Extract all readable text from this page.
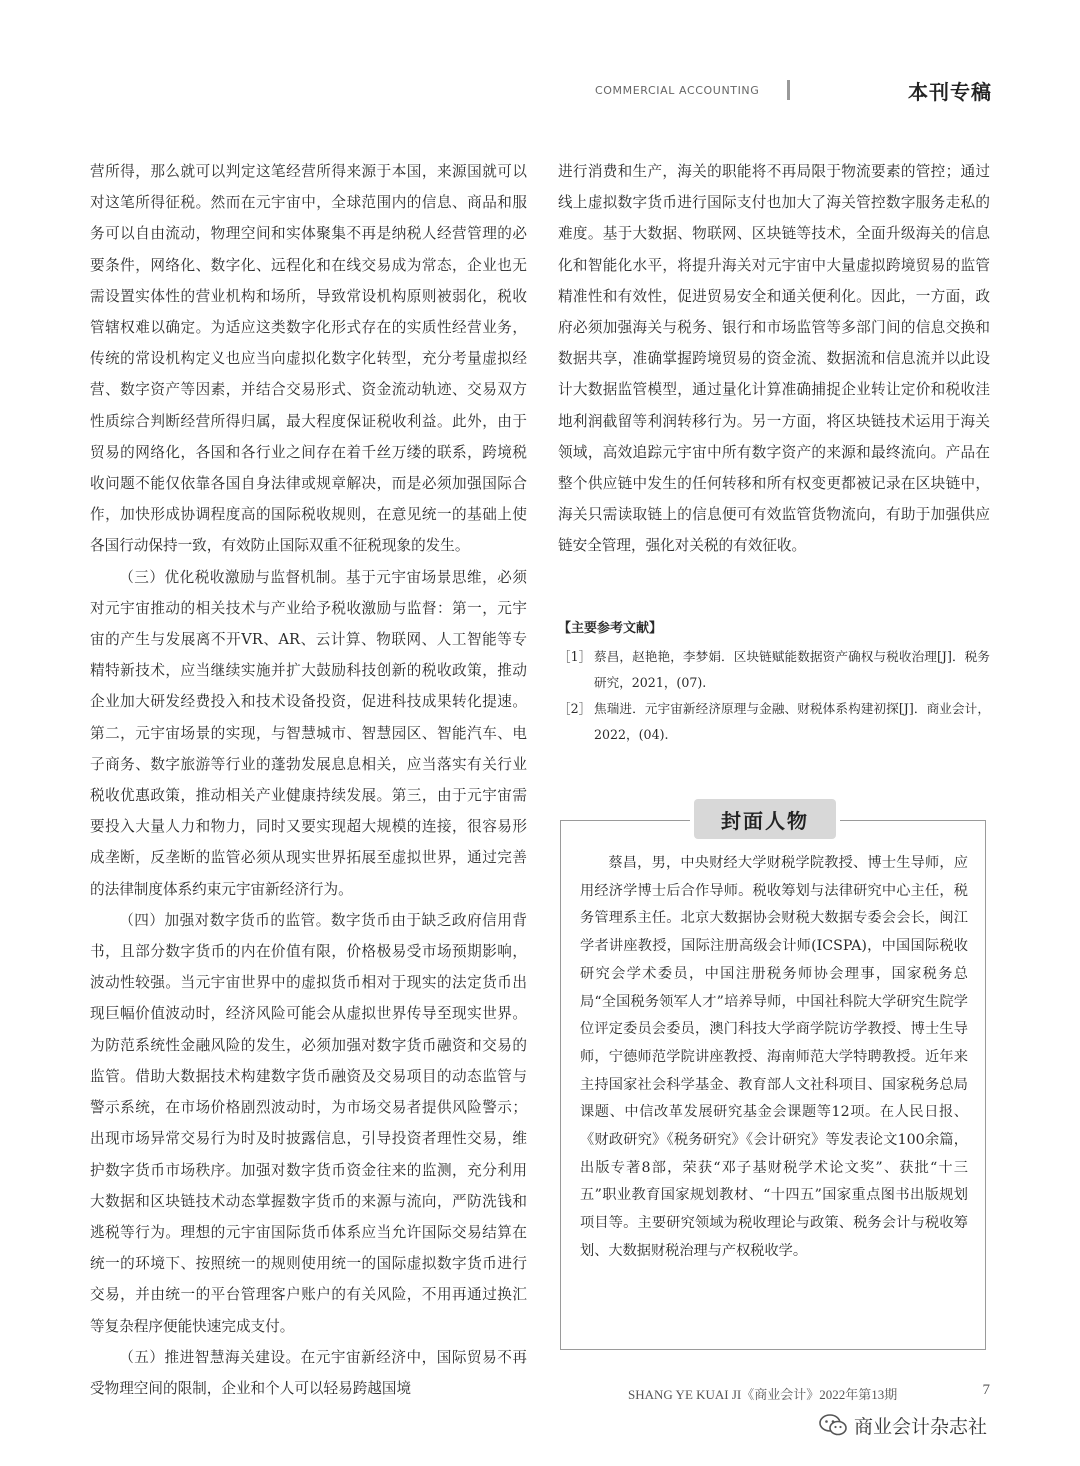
COMMERCIAL ACCOUNTING	本刊专稿

营所得，那么就可以判定这笔经营所得来源于本国，来源国就可以对这笔所得征税。然而在元宇宙中，全球范围内的信息、商品和服务可以自由流动，物理空间和实体聚集不再是纳税人经营管理的必要条件，网络化、数字化、远程化和在线交易成为常态，企业也无需设置实体性的营业机构和场所，导致常设机构原则被弱化，税收管辖权难以确定。为适应这类数字化形式存在的实质性经营业务，传统的常设机构定义也应当向虚拟化数字化转型，充分考量虚拟经营、数字资产等因素，并结合交易形式、资金流动轨迹、交易双方性质综合判断经营所得归属，最大程度保证税收利益。此外，由于贸易的网络化，各国和各行业之间存在着千丝万缕的联系，跨境税收问题不能仅依靠各国自身法律或规章解决，而是必须加强国际合作，加快形成协调程度高的国际税收规则，在意见统一的基础上使各国行动保持一致，有效防止国际双重不征税现象的发生。

（三）优化税收激励与监督机制。基于元宇宙场景思维，必须对元宇宙推动的相关技术与产业给予税收激励与监督：第一，元宇宙的产生与发展离不开VR、AR、云计算、物联网、人工智能等专精特新技术，应当继续实施并扩大鼓励科技创新的税收政策，推动企业加大研发经费投入和技术设备投资，促进科技成果转化提速。第二，元宇宙场景的实现，与智慧城市、智慧园区、智能汽车、电子商务、数字旅游等行业的蓬勃发展息息相关，应当落实有关行业税收优惠政策，推动相关产业健康持续发展。第三，由于元宇宙需要投入大量人力和物力，同时又要实现超大规模的连接，很容易形成垄断，反垄断的监管必须从现实世界拓展至虚拟世界，通过完善的法律制度体系约束元宇宙新经济行为。

（四）加强对数字货币的监管。数字货币由于缺乏政府信用背书，且部分数字货币的内在价值有限，价格极易受市场预期影响，波动性较强。当元宇宙世界中的虚拟货币相对于现实的法定货币出现巨幅价值波动时，经济风险可能会从虚拟世界传导至现实世界。为防范系统性金融风险的发生，必须加强对数字货币融资和交易的监管。借助大数据技术构建数字货币融资及交易项目的动态监管与警示系统，在市场价格剧烈波动时，为市场交易者提供风险警示；出现市场异常交易行为时及时披露信息，引导投资者理性交易，维护数字货币市场秩序。加强对数字货币资金往来的监测，充分利用大数据和区块链技术动态掌握数字货币的来源与流向，严防洗钱和逃税等行为。理想的元宇宙国际货币体系应当允许国际交易结算在统一的环境下、按照统一的规则使用统一的国际虚拟数字货币进行交易，并由统一的平台管理客户账户的有关风险，不用再通过换汇等复杂程序便能快速完成支付。

（五）推进智慧海关建设。在元宇宙新经济中，国际贸易不再受物理空间的限制，企业和个人可以轻易跨越国境

进行消费和生产，海关的职能将不再局限于物流要素的管控；通过线上虚拟数字货币进行国际支付也加大了海关管控数字服务走私的难度。基于大数据、物联网、区块链等技术，全面升级海关的信息化和智能化水平，将提升海关对元宇宙中大量虚拟跨境贸易的监管精准性和有效性，促进贸易安全和通关便利化。因此，一方面，政府必须加强海关与税务、银行和市场监管等多部门间的信息交换和数据共享，准确掌握跨境贸易的资金流、数据流和信息流并以此设计大数据监管模型，通过量化计算准确捕捉企业转让定价和税收洼地利润截留等利润转移行为。另一方面，将区块链技术运用于海关领域，高效追踪元宇宙中所有数字资产的来源和最终流向。产品在整个供应链中发生的任何转移和所有权变更都被记录在区块链中，海关只需读取链上的信息便可有效监管货物流向，有助于加强供应链安全管理，强化对关税的有效征收。

【主要参考文献】
［1］ 蔡昌，赵艳艳，李梦娟．区块链赋能数据资产确权与税收治理[J]．税务研究，2021，(07).
［2］ 焦瑞进．元宇宙新经济原理与金融、财税体系构建初探[J]．商业会计，2022，(04).
封面人物
蔡昌，男，中央财经大学财税学院教授、博士生导师，应用经济学博士后合作导师。税收筹划与法律研究中心主任，税务管理系主任。北京大数据协会财税大数据专委会会长，闽江学者讲座教授，国际注册高级会计师(ICSPA)，中国国际税收研究会学术委员，中国注册税务师协会理事，国家税务总局“全国税务领军人才”培养导师，中国社科院大学研究生院学位评定委员会委员，澳门科技大学商学院访学教授、博士生导师，宁德师范学院讲座教授、海南师范大学特聘教授。近年来主持国家社会科学基金、教育部人文社科项目、国家税务总局课题、中信改革发展研究基金会课题等12项。在人民日报、《财政研究》《税务研究》《会计研究》等发表论文100余篇，出版专著8部，荣获“邓子基财税学术论文奖”、获批“十三五”职业教育国家规划教材、“十四五”国家重点图书出版规划项目等。主要研究领域为税收理论与政策、税务会计与税收筹划、大数据财税治理与产权税收学。
SHANG YE KUAI JI《商业会计》2022年第13期	7
商业会计杂志社
